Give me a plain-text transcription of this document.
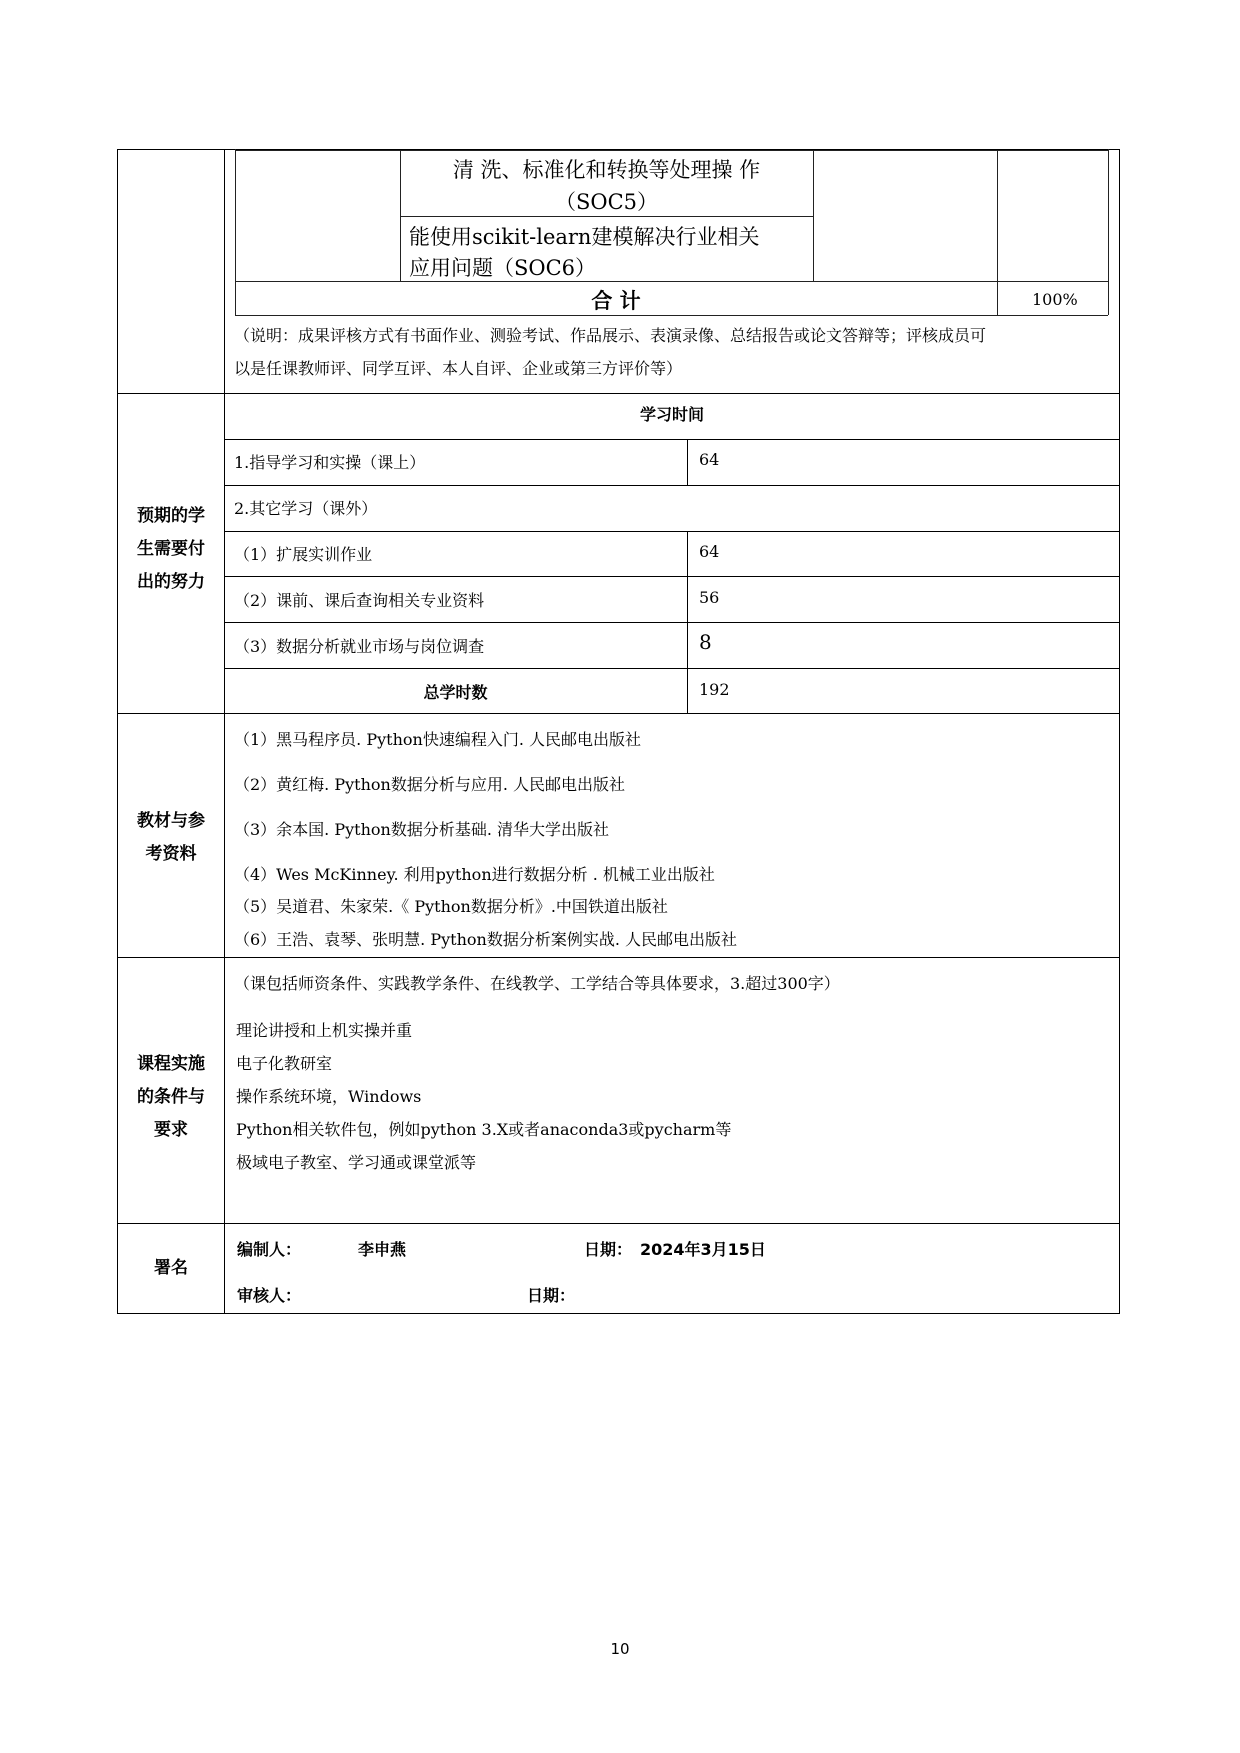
清 洗、标准化和转换等处理操 作
（SOC5）
能使用scikit-learn建模解决行业相关
应用问题（SOC6）
合 计	100%
（说明：成果评核方式有书面作业、测验考试、作品展示、表演录像、总结报告或论文答辩等；评核成员可
以是任课教师评、同学互评、本人自评、企业或第三方评价等）
预期的学
生需要付
出的努力
学习时间
1.指导学习和实操（课上）	64
2.其它学习（课外）
（1）扩展实训作业	64
（2）课前、课后查询相关专业资料	56
（3）数据分析就业市场与岗位调查	8
总学时数	192
教材与参
考资料
（1）黑马程序员. Python快速编程入门. 人民邮电出版社
（2）黄红梅. Python数据分析与应用. 人民邮电出版社
（3）余本国. Python数据分析基础. 清华大学出版社
（4）Wes McKinney. 利用python进行数据分析 . 机械工业出版社
（5）吴道君、朱家荣.《 Python数据分析》.中国铁道出版社
（6）王浩、袁琴、张明慧. Python数据分析案例实战. 人民邮电出版社
课程实施
的条件与
要求
（课包括师资条件、实践教学条件、在线教学、工学结合等具体要求，3.超过300字）
理论讲授和上机实操并重
电子化教研室
操作系统环境，Windows
Python相关软件包，例如python 3.X或者anaconda3或pycharm等
极域电子教室、学习通或课堂派等
署名
编制人：	李申燕	日期： 2024年3月15日
审核人：	日期：
10
